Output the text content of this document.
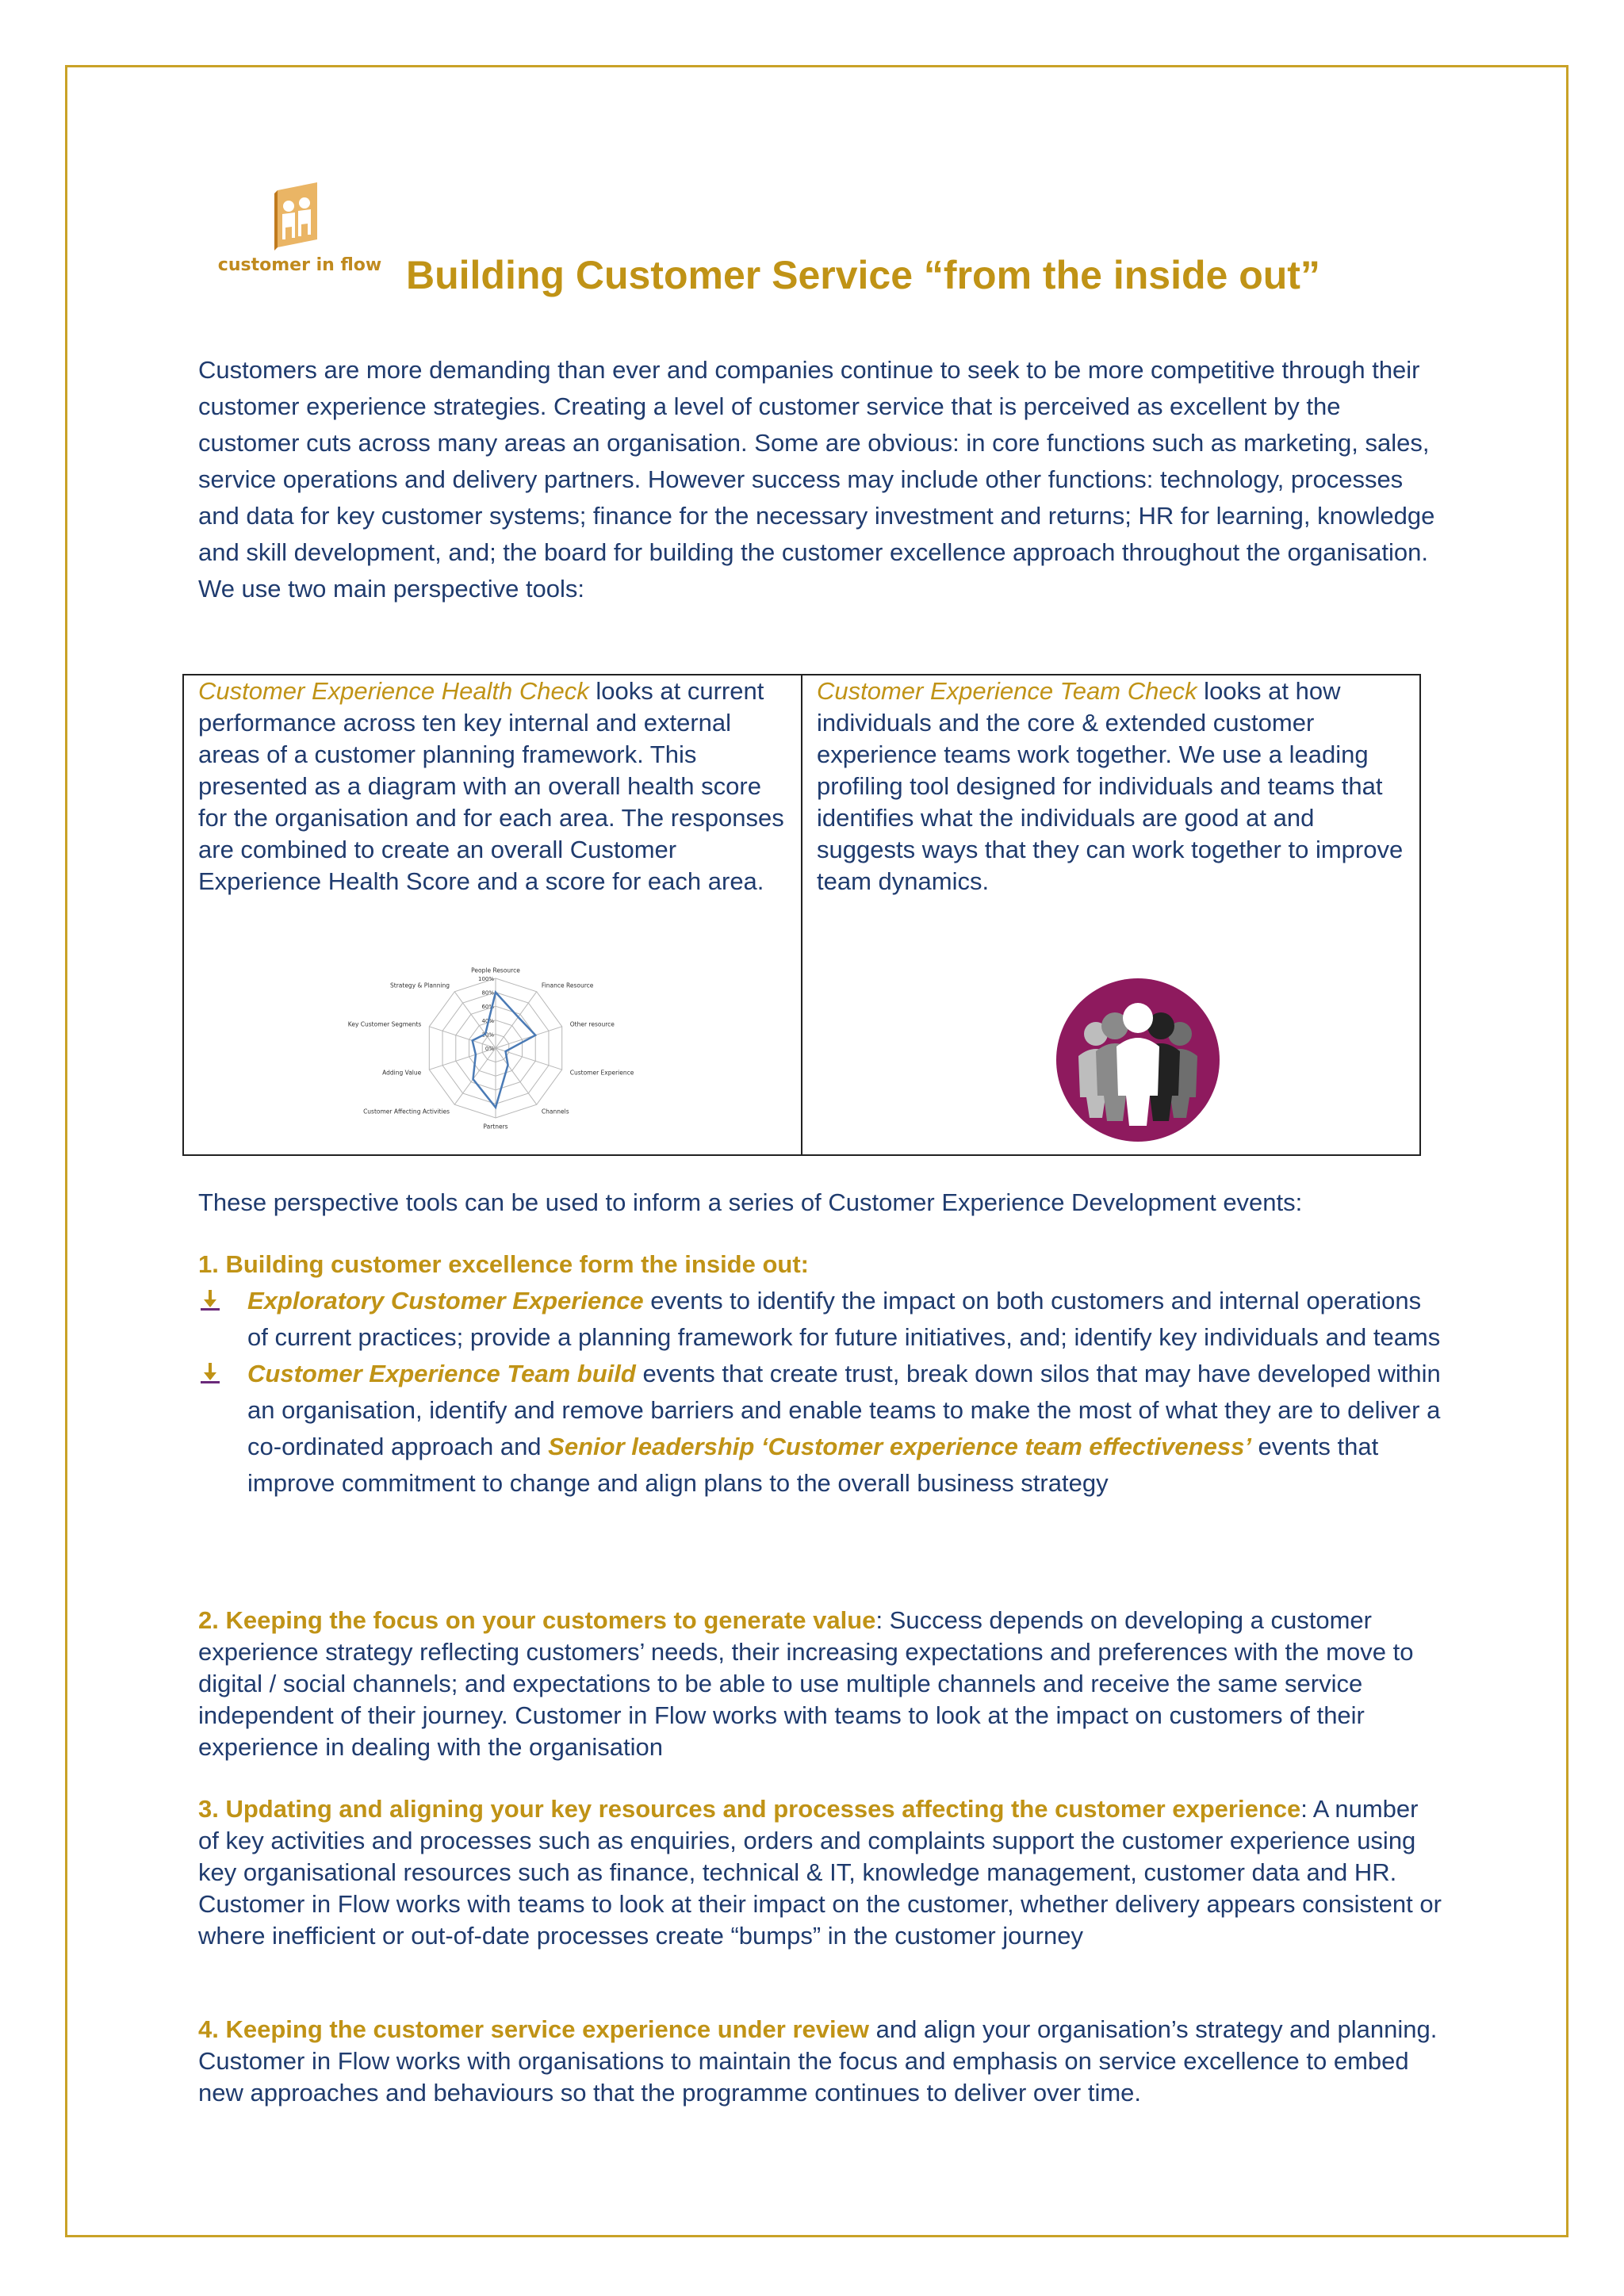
customer in flow Building Customer Service “from the inside out”

Customers are more demanding than ever and companies continue to seek to be more competitive through their customer experience strategies. Creating a level of customer service that is perceived as excellent by the customer cuts across many areas an organisation. Some are obvious: in core functions such as marketing, sales, service operations and delivery partners. However success may include other functions: technology, processes and data for key customer systems; finance for the necessary investment and returns; HR for learning, knowledge and skill development, and; the board for building the customer excellence approach throughout the organisation. We use two main perspective tools:

Customer Experience Health Check looks at current performance across ten key internal and external areas of a customer planning framework. This presented as a diagram with an overall health score for the organisation and for each area. The responses are combined to create an overall Customer Experience Health Score and a score for each area.

100%
80%
60%
40%
20%
0%
People Resource
Finance Resource
Other resource
Customer Experience
Channels
Partners
Customer Affecting Activities
Adding Value
Key Customer Segments
Strategy & Planning

Customer Experience Team Check looks at how individuals and the core & extended customer experience teams work together. We use a leading profiling tool designed for individuals and teams that identifies what the individuals are good at and suggests ways that they can work together to improve team dynamics.

These perspective tools can be used to inform a series of Customer Experience Development events:

1. Building customer excellence form the inside out:
Exploratory Customer Experience events to identify the impact on both customers and internal operations of current practices; provide a planning framework for future initiatives, and; identify key individuals and teams
Customer Experience Team build events that create trust, break down silos that may have developed within an organisation, identify and remove barriers and enable teams to make the most of what they are to deliver a co-ordinated approach and Senior leadership ‘Customer experience team effectiveness’ events that improve commitment to change and align plans to the overall business strategy

2. Keeping the focus on your customers to generate value: Success depends on developing a customer experience strategy reflecting customers’ needs, their increasing expectations and preferences with the move to digital / social channels; and expectations to be able to use multiple channels and receive the same service independent of their journey. Customer in Flow works with teams to look at the impact on customers of their experience in dealing with the organisation

3. Updating and aligning your key resources and processes affecting the customer experience: A number of key activities and processes such as enquiries, orders and complaints support the customer experience using key organisational resources such as finance, technical & IT, knowledge management, customer data and HR. Customer in Flow works with teams to look at their impact on the customer, whether delivery appears consistent or where inefficient or out-of-date processes create “bumps” in the customer journey

4. Keeping the customer service experience under review and align your organisation’s strategy and planning. Customer in Flow works with organisations to maintain the focus and emphasis on service excellence to embed new approaches and behaviours so that the programme continues to deliver over time.
